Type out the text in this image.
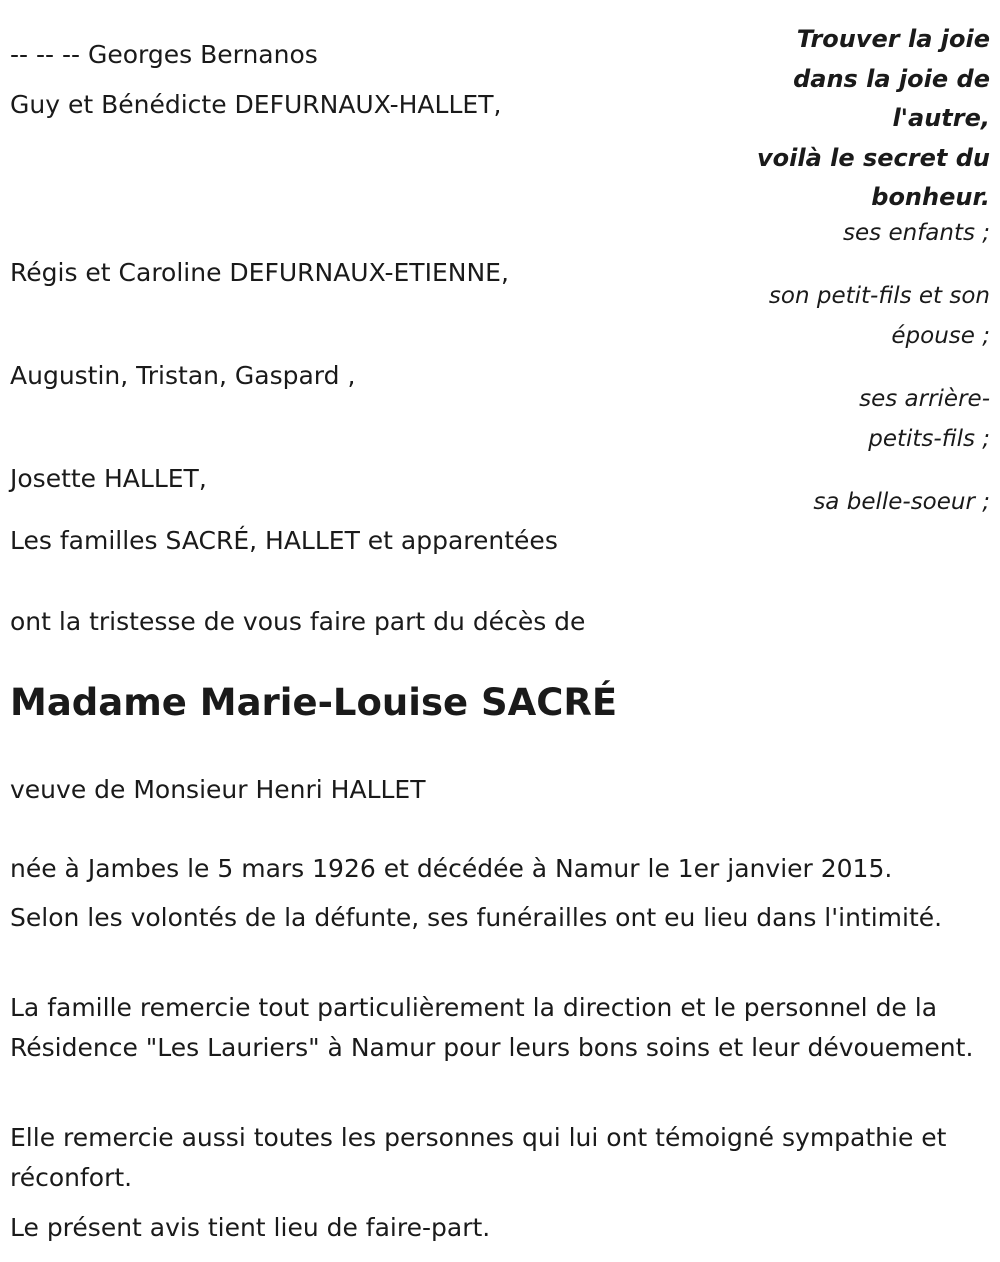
-- -- -- Georges Bernanos

Trouver la joie
dans la joie de
l'autre,
voilà le secret du
bonheur.

Guy et Bénédicte DEFURNAUX-HALLET,

Régis et Caroline DEFURNAUX-ETIENNE,

Augustin, Tristan, Gaspard ,

Josette HALLET,

Les familles SACRÉ, HALLET et apparentées

ses enfants ;

son petit-fils et son
épouse ;
ses arrière-
petits-fils ;

sa belle-soeur ;

ont la tristesse de vous faire part du décès de

Madame Marie-Louise SACRÉ

veuve de Monsieur Henri HALLET

née à Jambes le 5 mars 1926 et décédée à Namur le 1er janvier 2015.

Selon les volontés de la défunte, ses funérailles ont eu lieu dans l'intimité.

La famille remercie tout particulièrement la direction et le personnel de la Résidence "Les Lauriers" à Namur pour leurs bons soins et leur dévouement.

Elle remercie aussi toutes les personnes qui lui ont témoigné sympathie et réconfort.

Le présent avis tient lieu de faire-part.
